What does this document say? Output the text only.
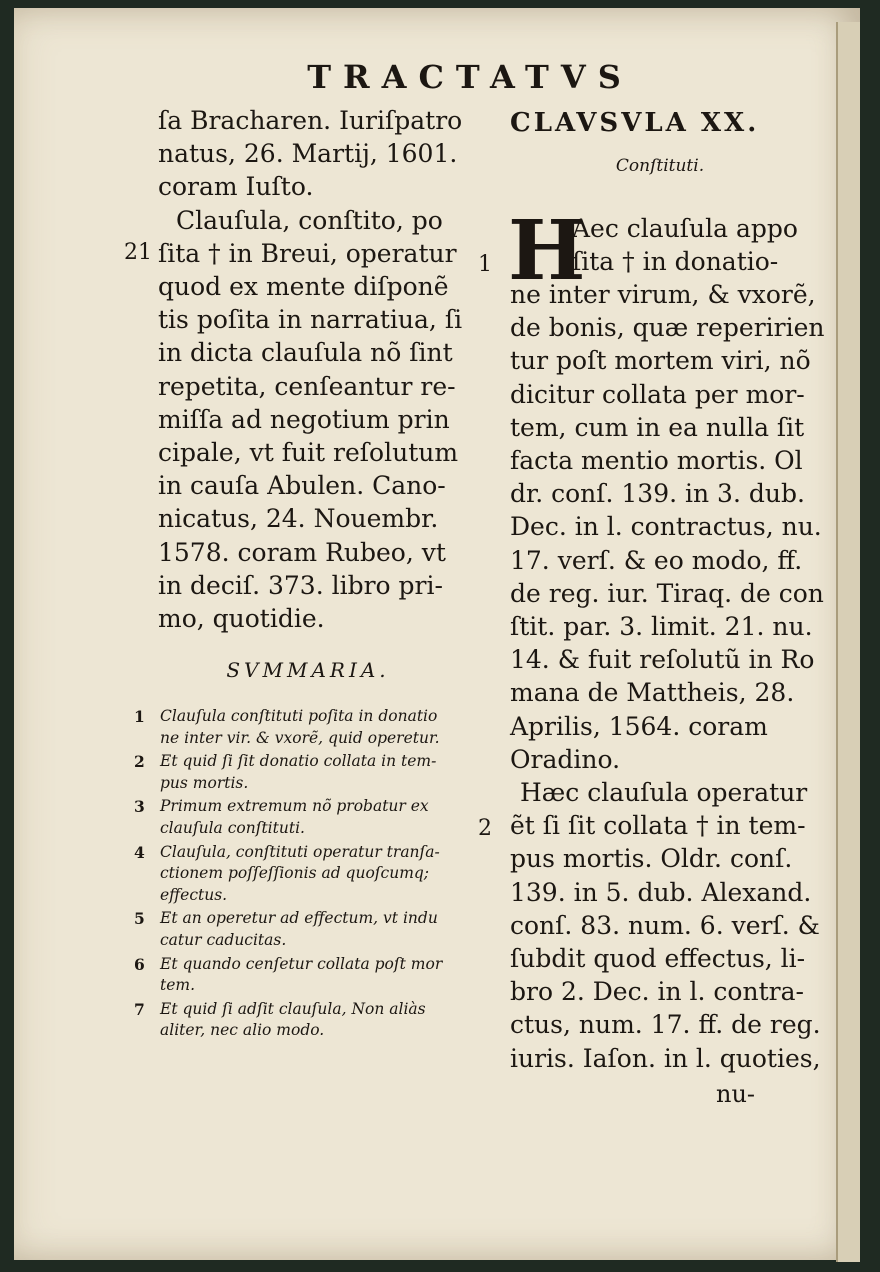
TRACTATVS
ſa Bracharen. Iuriſpatro
natus, 26. Martij, 1601.
coram Iuſto.
Clauſula, conſtito, po
ſita † in Breui, operatur
quod ex mente diſponẽ
tis poſita in narratiua, ſi
in dicta clauſula nõ ſint
repetita, cenſeantur re-
miſſa ad negotium prin
cipale, vt fuit reſolutum
in cauſa Abulen. Cano-
nicatus, 24. Nouembr.
1578. coram Rubeo, vt
in deciſ. 373. libro pri-
mo, quotidie.
21
SVMMARIA.
1 Clauſula conſtituti poſita in donatio
ne inter vir. & vxorẽ, quid operetur.
2 Et quid ſi ſit donatio collata in tem-
pus mortis.
3 Primum extremum nõ probatur ex
clauſula conſtituti.
4 Clauſula, conſtituti operatur tranſa-
ctionem poſſeſſionis ad quoſcumq;
effectus.
5 Et an operetur ad effectum, vt indu
catur caducitas.
6 Et quando cenſetur collata poſt mor
tem.
7 Et quid ſi adſit clauſula, Non aliàs
aliter, nec alio modo.
CLAVSVLA XX.
Conſtituti.
H
1
Aec clauſula appo
ſita † in donatio-
ne inter virum, & vxorẽ,
de bonis, quæ reperirien
tur poſt mortem viri, nõ
dicitur collata per mor-
tem, cum in ea nulla ſit
facta mentio mortis. Ol
dr. conſ. 139. in 3. dub.
Dec. in l. contractus, nu.
17. verſ. & eo modo, ff.
de reg. iur. Tiraq. de con
ſtit. par. 3. limit. 21. nu.
14. & fuit reſolutũ in Ro
mana de Mattheis, 28.
Aprilis, 1564. coram
Oradino.
Hæc clauſula operatur
ẽt ſi ſit collata † in tem-
pus mortis. Oldr. conſ.
139. in 5. dub. Alexand.
conſ. 83. num. 6. verſ. &
ſubdit quod effectus, li-
bro 2. Dec. in l. contra-
ctus, num. 17. ff. de reg.
iuris. Iaſon. in l. quoties,
2
nu-
